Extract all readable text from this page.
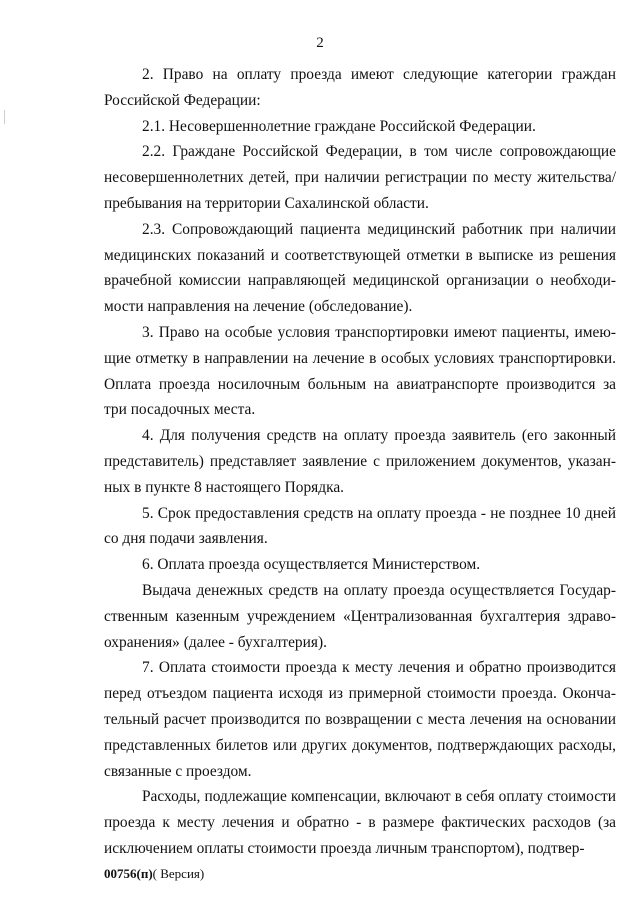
2

2. Право на оплату проезда имеют следующие категории граждан Российской Федерации:

2.1. Несовершеннолетние граждане Российской Федерации.

2.2. Граждане Российской Федерации, в том числе сопровождающие несовершеннолетних детей, при наличии регистрации по месту жительства/пребывания на территории Сахалинской области.

2.3. Сопровождающий пациента медицинский работник при наличии медицинских показаний и соответствующей отметки в выписке из решения врачебной комиссии направляющей медицинской организации о необходимости направления на лечение (обследование).

3. Право на особые условия транспортировки имеют пациенты, имеющие отметку в направлении на лечение в особых условиях транспортировки. Оплата проезда носилочным больным на авиатранспорте производится за три посадочных места.

4. Для получения средств на оплату проезда заявитель (его законный представитель) представляет заявление с приложением документов, указанных в пункте 8 настоящего Порядка.

5. Срок предоставления средств на оплату проезда - не позднее 10 дней со дня подачи заявления.

6. Оплата проезда осуществляется Министерством.

Выдача денежных средств на оплату проезда осуществляется Государственным казенным учреждением «Централизованная бухгалтерия здравоохранения» (далее - бухгалтерия).

7. Оплата стоимости проезда к месту лечения и обратно производится перед отъездом пациента исходя из примерной стоимости проезда. Окончательный расчет производится по возвращении с места лечения на основании представленных билетов или других документов, подтверждающих расходы, связанные с проездом.

Расходы, подлежащие компенсации, включают в себя оплату стоимости проезда к месту лечения и обратно - в размере фактических расходов (за исключением оплаты стоимости проезда личным транспортом), подтвер-

00756(п)( Версия)
